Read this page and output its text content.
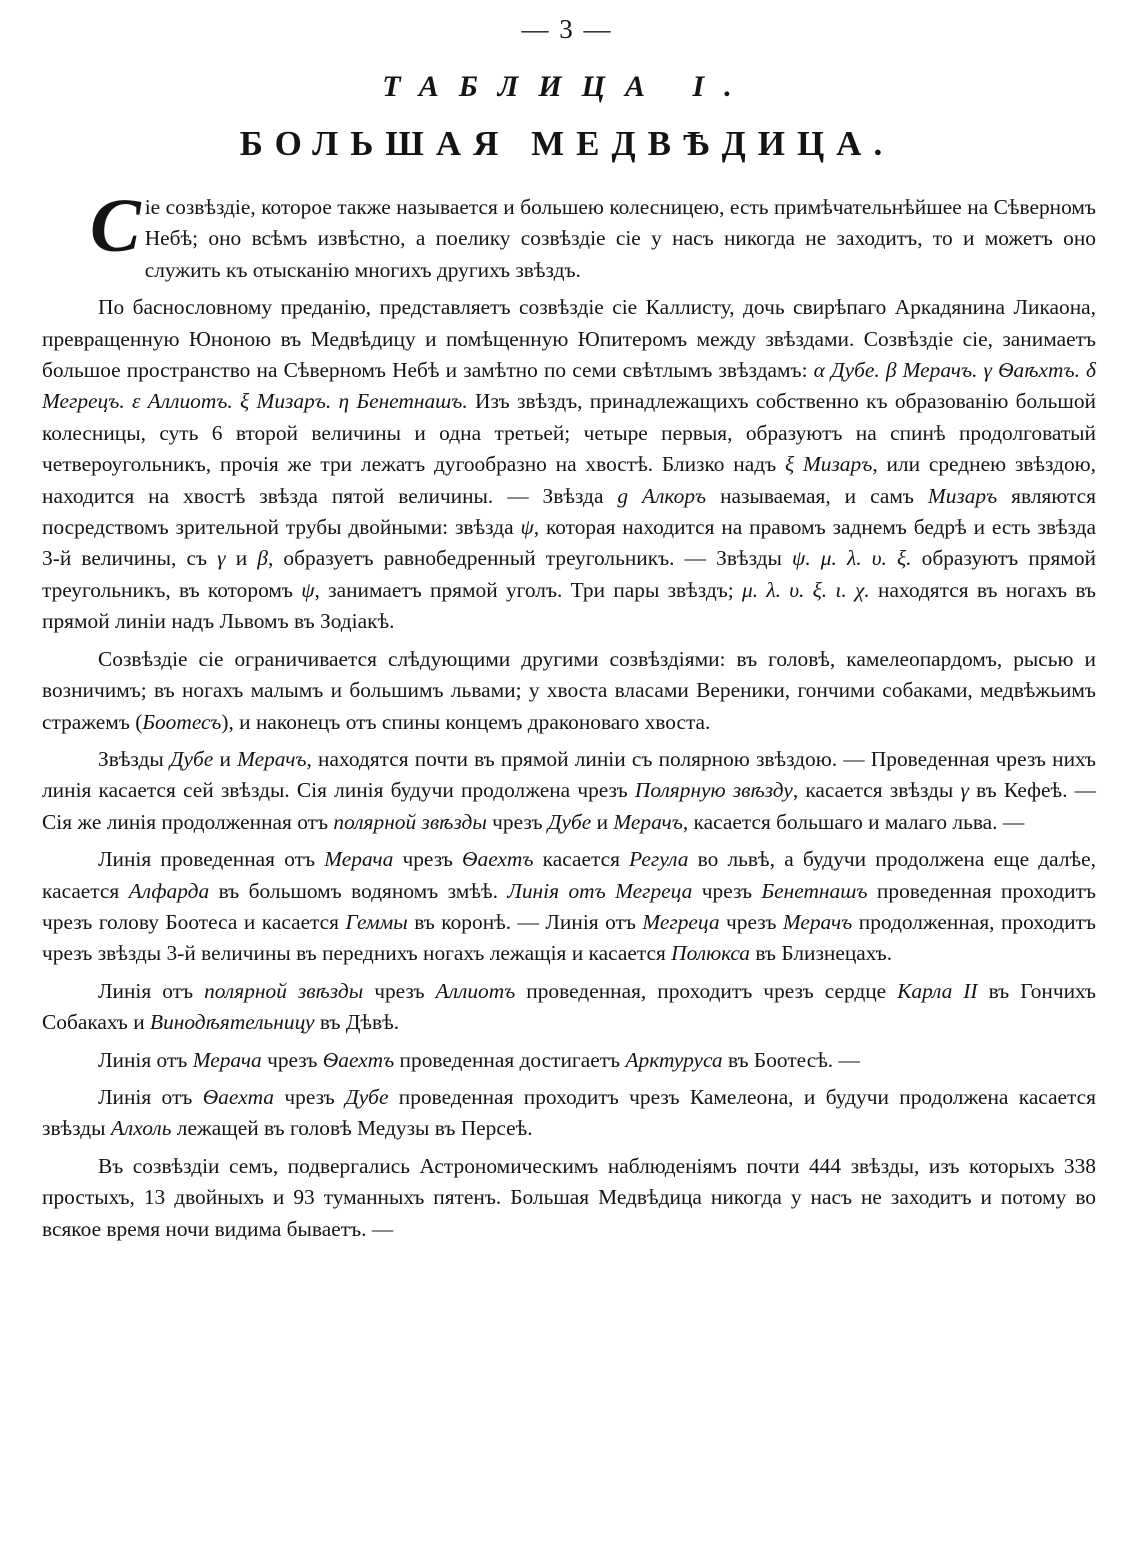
— 3 —
ТАБЛИЦА I.
БОЛЬШАЯ МЕДВѢДИЦА.

Сіе созвѣздіе, которое также называется и большею колесницею, есть примѣчательнѣйшее на Сѣверномъ Небѣ; оно всѣмъ извѣстно, а поелику созвѣздіе сіе у насъ никогда не заходитъ, то и можетъ оно служить къ отысканію многихъ другихъ звѣздъ.

По баснословному преданію, представляетъ созвѣздіе сіе Каллисту, дочь свирѣпаго Аркадянина Ликаона, превращенную Юноною въ Медвѣдицу и помѣщенную Юпитеромъ между звѣздами. Созвѣздіе сіе, занимаетъ большое пространство на Сѣверномъ Небѣ и замѣтно по семи свѣтлымъ звѣздамъ: α Дубе. β Мерачъ. γ Ѳаѣхтъ. δ Мегрецъ. ε Аллиотъ. ξ Мизаръ. η Бенетнашъ. Изъ звѣздъ, принадлежащихъ собственно къ образованію большой колесницы, суть 6 второй величины и одна третьей; четыре первыя, образуютъ на спинѣ продолговатый четвероугольникъ, прочія же три лежатъ дугообразно на хвостѣ. Близко надъ ξ Мизаръ, или среднею звѣздою, находится на хвостѣ звѣзда пятой величины. — Звѣзда g Алкоръ называемая, и самъ Мизаръ являются посредствомъ зрительной трубы двойными: звѣзда ψ, которая находится на правомъ заднемъ бедрѣ и есть звѣзда 3-й величины, съ γ и β, образуетъ равнобедренный треугольникъ. — Звѣзды ψ. μ. λ. υ. ξ. образуютъ прямой треугольникъ, въ которомъ ψ, занимаетъ прямой уголъ. Три пары звѣздъ; μ. λ. υ. ξ. ι. χ. находятся въ ногахъ въ прямой линіи надъ Львомъ въ Зодіакѣ.

Созвѣздіе сіе ограничивается слѣдующими другими созвѣздіями: въ головѣ, камелеопардомъ, рысью и возничимъ; въ ногахъ малымъ и большимъ львами; у хвоста власами Вереники, гончими собаками, медвѣжьимъ стражемъ (Боотесъ), и наконецъ отъ спины концемъ драконоваго хвоста.

Звѣзды Дубе и Мерачъ, находятся почти въ прямой линіи съ полярною звѣздою. — Проведенная чрезъ нихъ линія касается сей звѣзды. Сія линія будучи продолжена чрезъ Полярную звѣзду, касается звѣзды γ въ Кефеѣ. — Сія же линія продолженная отъ полярной звѣзды чрезъ Дубе и Мерачъ, касается большаго и малаго льва. —

Линія проведенная отъ Мерача чрезъ Ѳаехтъ касается Регула во львѣ, а будучи продолжена еще далѣе, касается Алфарда въ большомъ водяномъ змѣѣ. Линія отъ Мегреца чрезъ Бенетнашъ проведенная проходитъ чрезъ голову Боотеса и касается Геммы въ коронѣ. — Линія отъ Мегреца чрезъ Мерачъ продолженная, проходитъ чрезъ звѣзды 3-й величины въ переднихъ ногахъ лежащія и касается Полюкса въ Близнецахъ.

Линія отъ полярной звѣзды чрезъ Аллиотъ проведенная, проходитъ чрезъ сердце Карла II въ Гончихъ Собакахъ и Винодѣятельницу въ Дѣвѣ.

Линія отъ Мерача чрезъ Ѳаехтъ проведенная достигаетъ Арктуруса въ Боотесѣ. —

Линія отъ Ѳаехта чрезъ Дубе проведенная проходитъ чрезъ Камелеона, и будучи продолжена касается звѣзды Алхоль лежащей въ головѣ Медузы въ Персеѣ.

Въ созвѣздіи семъ, подвергались Астрономическимъ наблюденіямъ почти 444 звѣзды, изъ которыхъ 338 простыхъ, 13 двойныхъ и 93 туманныхъ пятенъ. Большая Медвѣдица никогда у насъ не заходитъ и потому во всякое время ночи видима бываетъ. —
